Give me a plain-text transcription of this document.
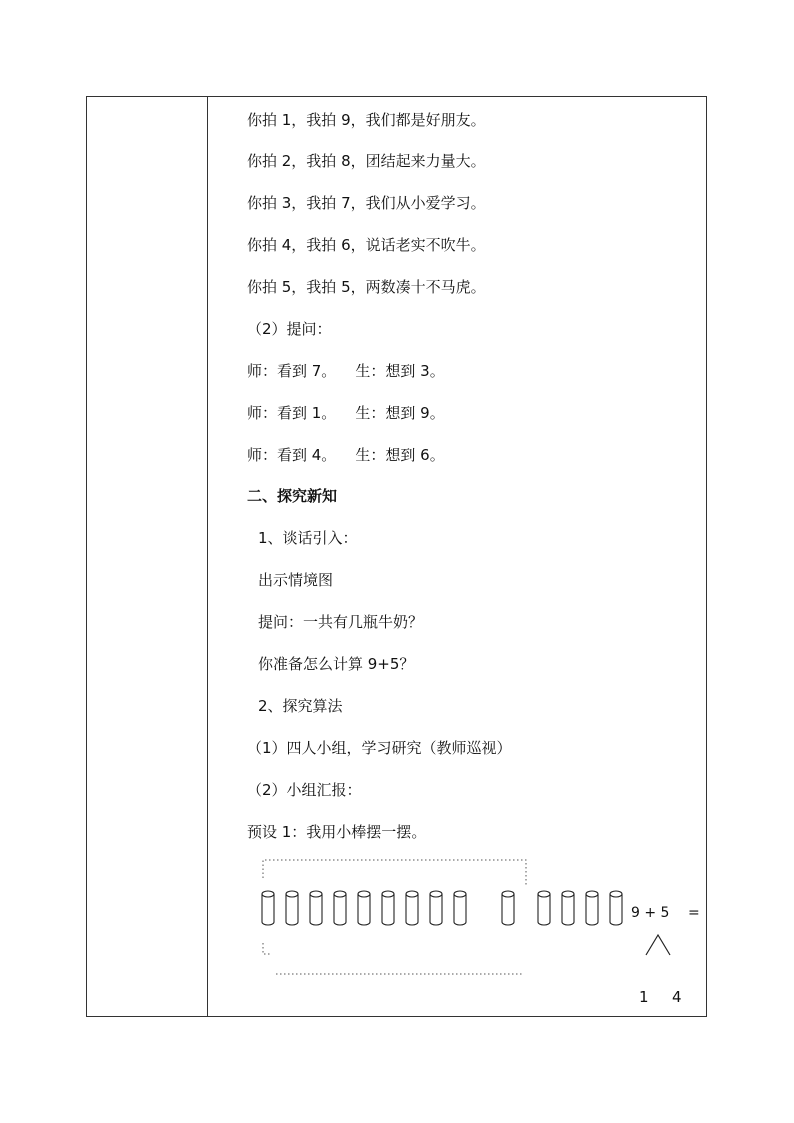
你拍 1，我拍 9，我们都是好朋友。
你拍 2，我拍 8，团结起来力量大。
你拍 3，我拍 7，我们从小爱学习。
你拍 4，我拍 6，说话老实不吹牛。
你拍 5，我拍 5，两数凑十不马虎。
（2）提问：
师：看到 7。    生：想到 3。
师：看到 1。    生：想到 9。
师：看到 4。    生：想到 6。
二、探究新知
1、谈话引入：
出示情境图
提问：一共有几瓶牛奶？
你准备怎么计算 9+5？
2、探究算法
（1）四人小组，学习研究（教师巡视）
（2）小组汇报：
预设 1：我用小棒摆一摆。
9 + 5 =
1 4
